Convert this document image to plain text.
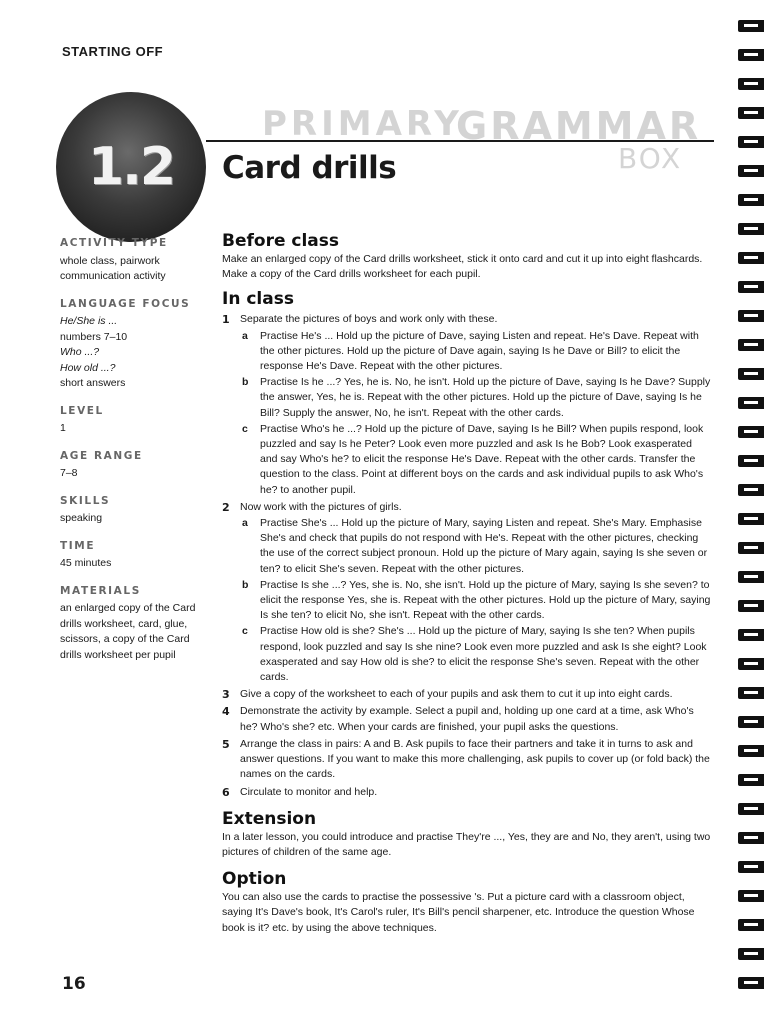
STARTING OFF
1.2
PRIMARY
GRAMMAR
BOX
Card drills
ACTIVITY TYPE
whole class, pairwork
communication activity
LANGUAGE FOCUS
He/She is ...
numbers 7–10
Who ...?
How old ...?
short answers
LEVEL
1
AGE RANGE
7–8
SKILLS
speaking
TIME
45 minutes
MATERIALS
an enlarged copy of the Card drills worksheet, card, glue, scissors, a copy of the Card drills worksheet per pupil
Before class

Make an enlarged copy of the Card drills worksheet, stick it onto card and cut it up into eight flashcards. Make a copy of the Card drills worksheet for each pupil.

In class
1 Separate the pictures of boys and work only with these.
a	Practise He's ... Hold up the picture of Dave, saying Listen and repeat. He's Dave. Repeat with the other pictures. Hold up the picture of Dave again, saying Is he Dave or Bill? to elicit the response He's Dave. Repeat with the other pictures.
b	Practise Is he ...? Yes, he is. No, he isn't. Hold up the picture of Dave, saying Is he Dave? Supply the answer, Yes, he is. Repeat with the other pictures. Hold up the picture of Dave, saying Is he Bill? Supply the answer, No, he isn't. Repeat with the other cards.
c	Practise Who's he ...? Hold up the picture of Dave, saying Is he Bill? When pupils respond, look puzzled and say Is he Peter? Look even more puzzled and ask Is he Bob? Look exasperated and say Who's he? to elicit the response He's Dave. Repeat with the other cards. Transfer the question to the class. Point at different boys on the cards and ask individual pupils to ask Who's he? to another pupil.
2 Now work with the pictures of girls.
a	Practise She's ... Hold up the picture of Mary, saying Listen and repeat. She's Mary. Emphasise She's and check that pupils do not respond with He's. Repeat with the other pictures, checking the use of the correct subject pronoun. Hold up the picture of Mary again, saying Is she seven or ten? to elicit She's seven. Repeat with the other pictures.
b	Practise Is she ...? Yes, she is. No, she isn't. Hold up the picture of Mary, saying Is she seven? to elicit the response Yes, she is. Repeat with the other pictures. Hold up the picture of Mary, saying Is she ten? to elicit No, she isn't. Repeat with the other cards.
c	Practise How old is she? She's ... Hold up the picture of Mary, saying Is she ten? When pupils respond, look puzzled and say Is she nine? Look even more puzzled and ask Is she eight? Look exasperated and say How old is she? to elicit the response She's seven. Repeat with the other cards.
3 Give a copy of the worksheet to each of your pupils and ask them to cut it up into eight cards.
4 Demonstrate the activity by example. Select a pupil and, holding up one card at a time, ask Who's he? Who's she? etc. When your cards are finished, your pupil asks the questions.
5 Arrange the class in pairs: A and B. Ask pupils to face their partners and take it in turns to ask and answer questions. If you want to make this more challenging, ask pupils to cover up (or fold back) the names on the cards.
6 Circulate to monitor and help.
Extension

In a later lesson, you could introduce and practise They're ..., Yes, they are and No, they aren't, using two pictures of children of the same age.

Option

You can also use the cards to practise the possessive 's. Put a picture card with a classroom object, saying It's Dave's book, It's Carol's ruler, It's Bill's pencil sharpener, etc. Introduce the question Whose book is it? etc. by using the above techniques.

16
